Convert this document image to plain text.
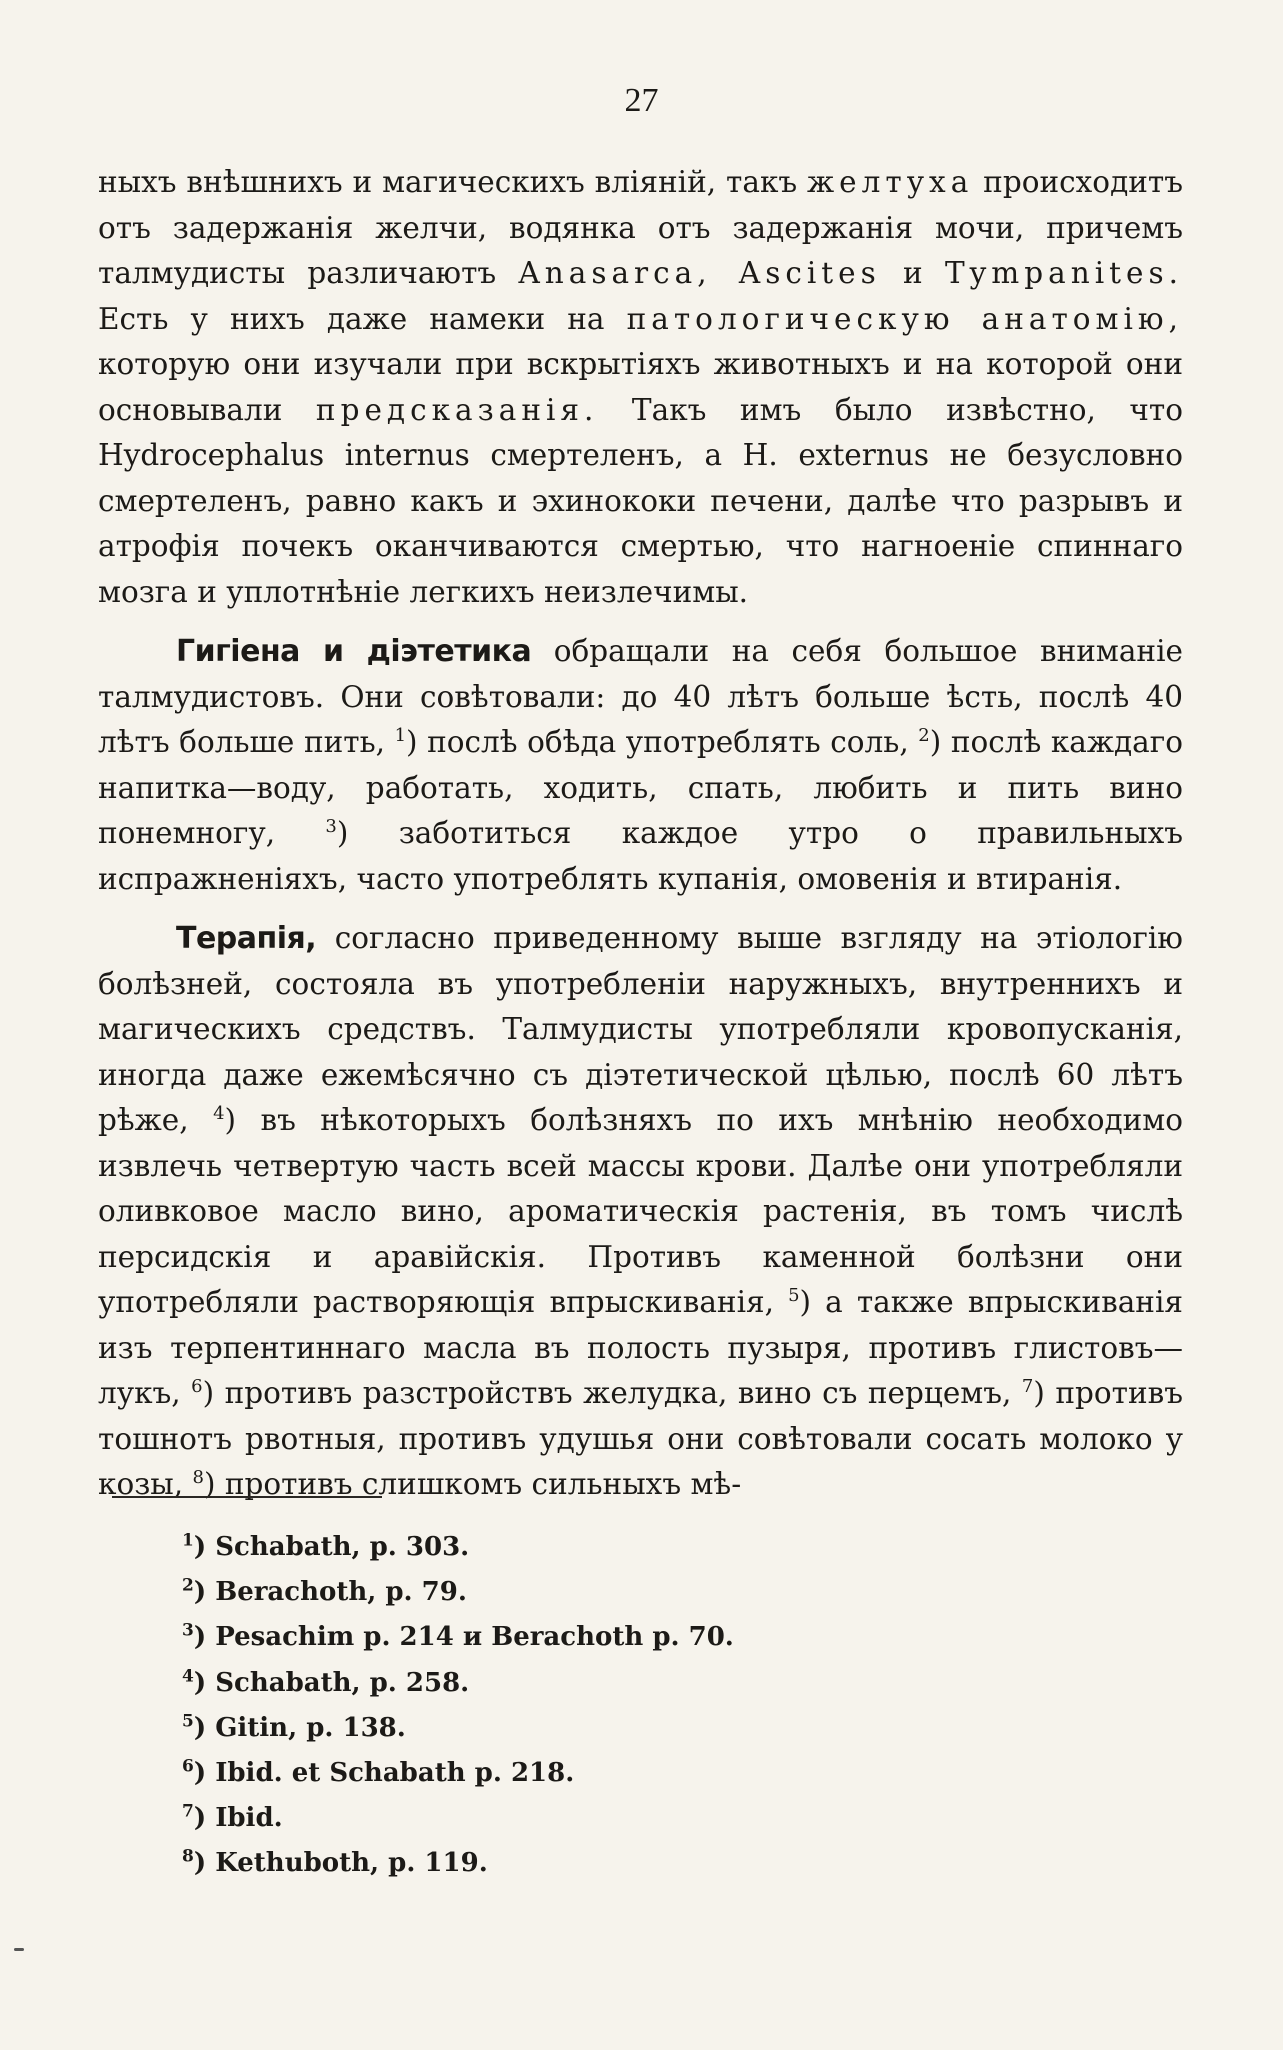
27

ныхъ внѣшнихъ и магическихъ вліяній, такъ желтуха происходитъ отъ задержанія желчи, водянка отъ задержанія мочи, причемъ талмудисты различаютъ Anasarca, Ascites и Tympanites. Есть у нихъ даже намеки на патологическую анатомію, которую они изучали при вскрытіяхъ животныхъ и на которой они основывали предсказанія. Такъ имъ было извѣстно, что Hydrocephalus internus смертеленъ, а H. externus не безусловно смертеленъ, равно какъ и эхинококи печени, далѣе что разрывъ и атрофія почекъ оканчиваются смертью, что нагноеніе спиннаго мозга и уплотнѣніе легкихъ неизлечимы.

Гигіена и діэтетика обращали на себя большое вниманіе талмудистовъ. Они совѣтовали: до 40 лѣтъ больше ѣсть, послѣ 40 лѣтъ больше пить, $^1$) послѣ обѣда употреблять соль, $^2$) послѣ каждаго напитка—воду, работать, ходить, спать, любить и пить вино понемногу, $^3$) заботиться каждое утро о правильныхъ испражненіяхъ, часто употреблять купанія, омовенія и втиранія.

Терапія, согласно приведенному выше взгляду на этіологію болѣзней, состояла въ употребленіи наружныхъ, внутреннихъ и магическихъ средствъ. Талмудисты употребляли кровопусканія, иногда даже ежемѣсячно съ діэтетической цѣлью, послѣ 60 лѣтъ рѣже, $^4$) въ нѣкоторыхъ болѣзняхъ по ихъ мнѣнію необходимо извлечь четвертую часть всей массы крови. Далѣе они употребляли оливковое масло вино, ароматическія растенія, въ томъ числѣ персидскія и аравійскія. Противъ каменной болѣзни они употребляли растворяющія впрыскиванія, $^5$) а также впрыскиванія изъ терпентиннаго масла въ полость пузыря, противъ глистовъ—лукъ, $^6$) противъ разстройствъ желудка, вино съ перцемъ, $^7$) противъ тошнотъ рвотныя, противъ удушья они совѣтовали сосать молоко у козы, $^8$) противъ слишкомъ сильныхъ мѣ-

$^1$) Schabath, p. 303.
$^2$) Berachoth, p. 79.
$^3$) Pesachim p. 214 и Berachoth p. 70.
$^4$) Schabath, p. 258.
$^5$) Gitin, p. 138.
$^6$) Ibid. et Schabath p. 218.
$^7$) Ibid.
$^8$) Kethuboth, p. 119.
